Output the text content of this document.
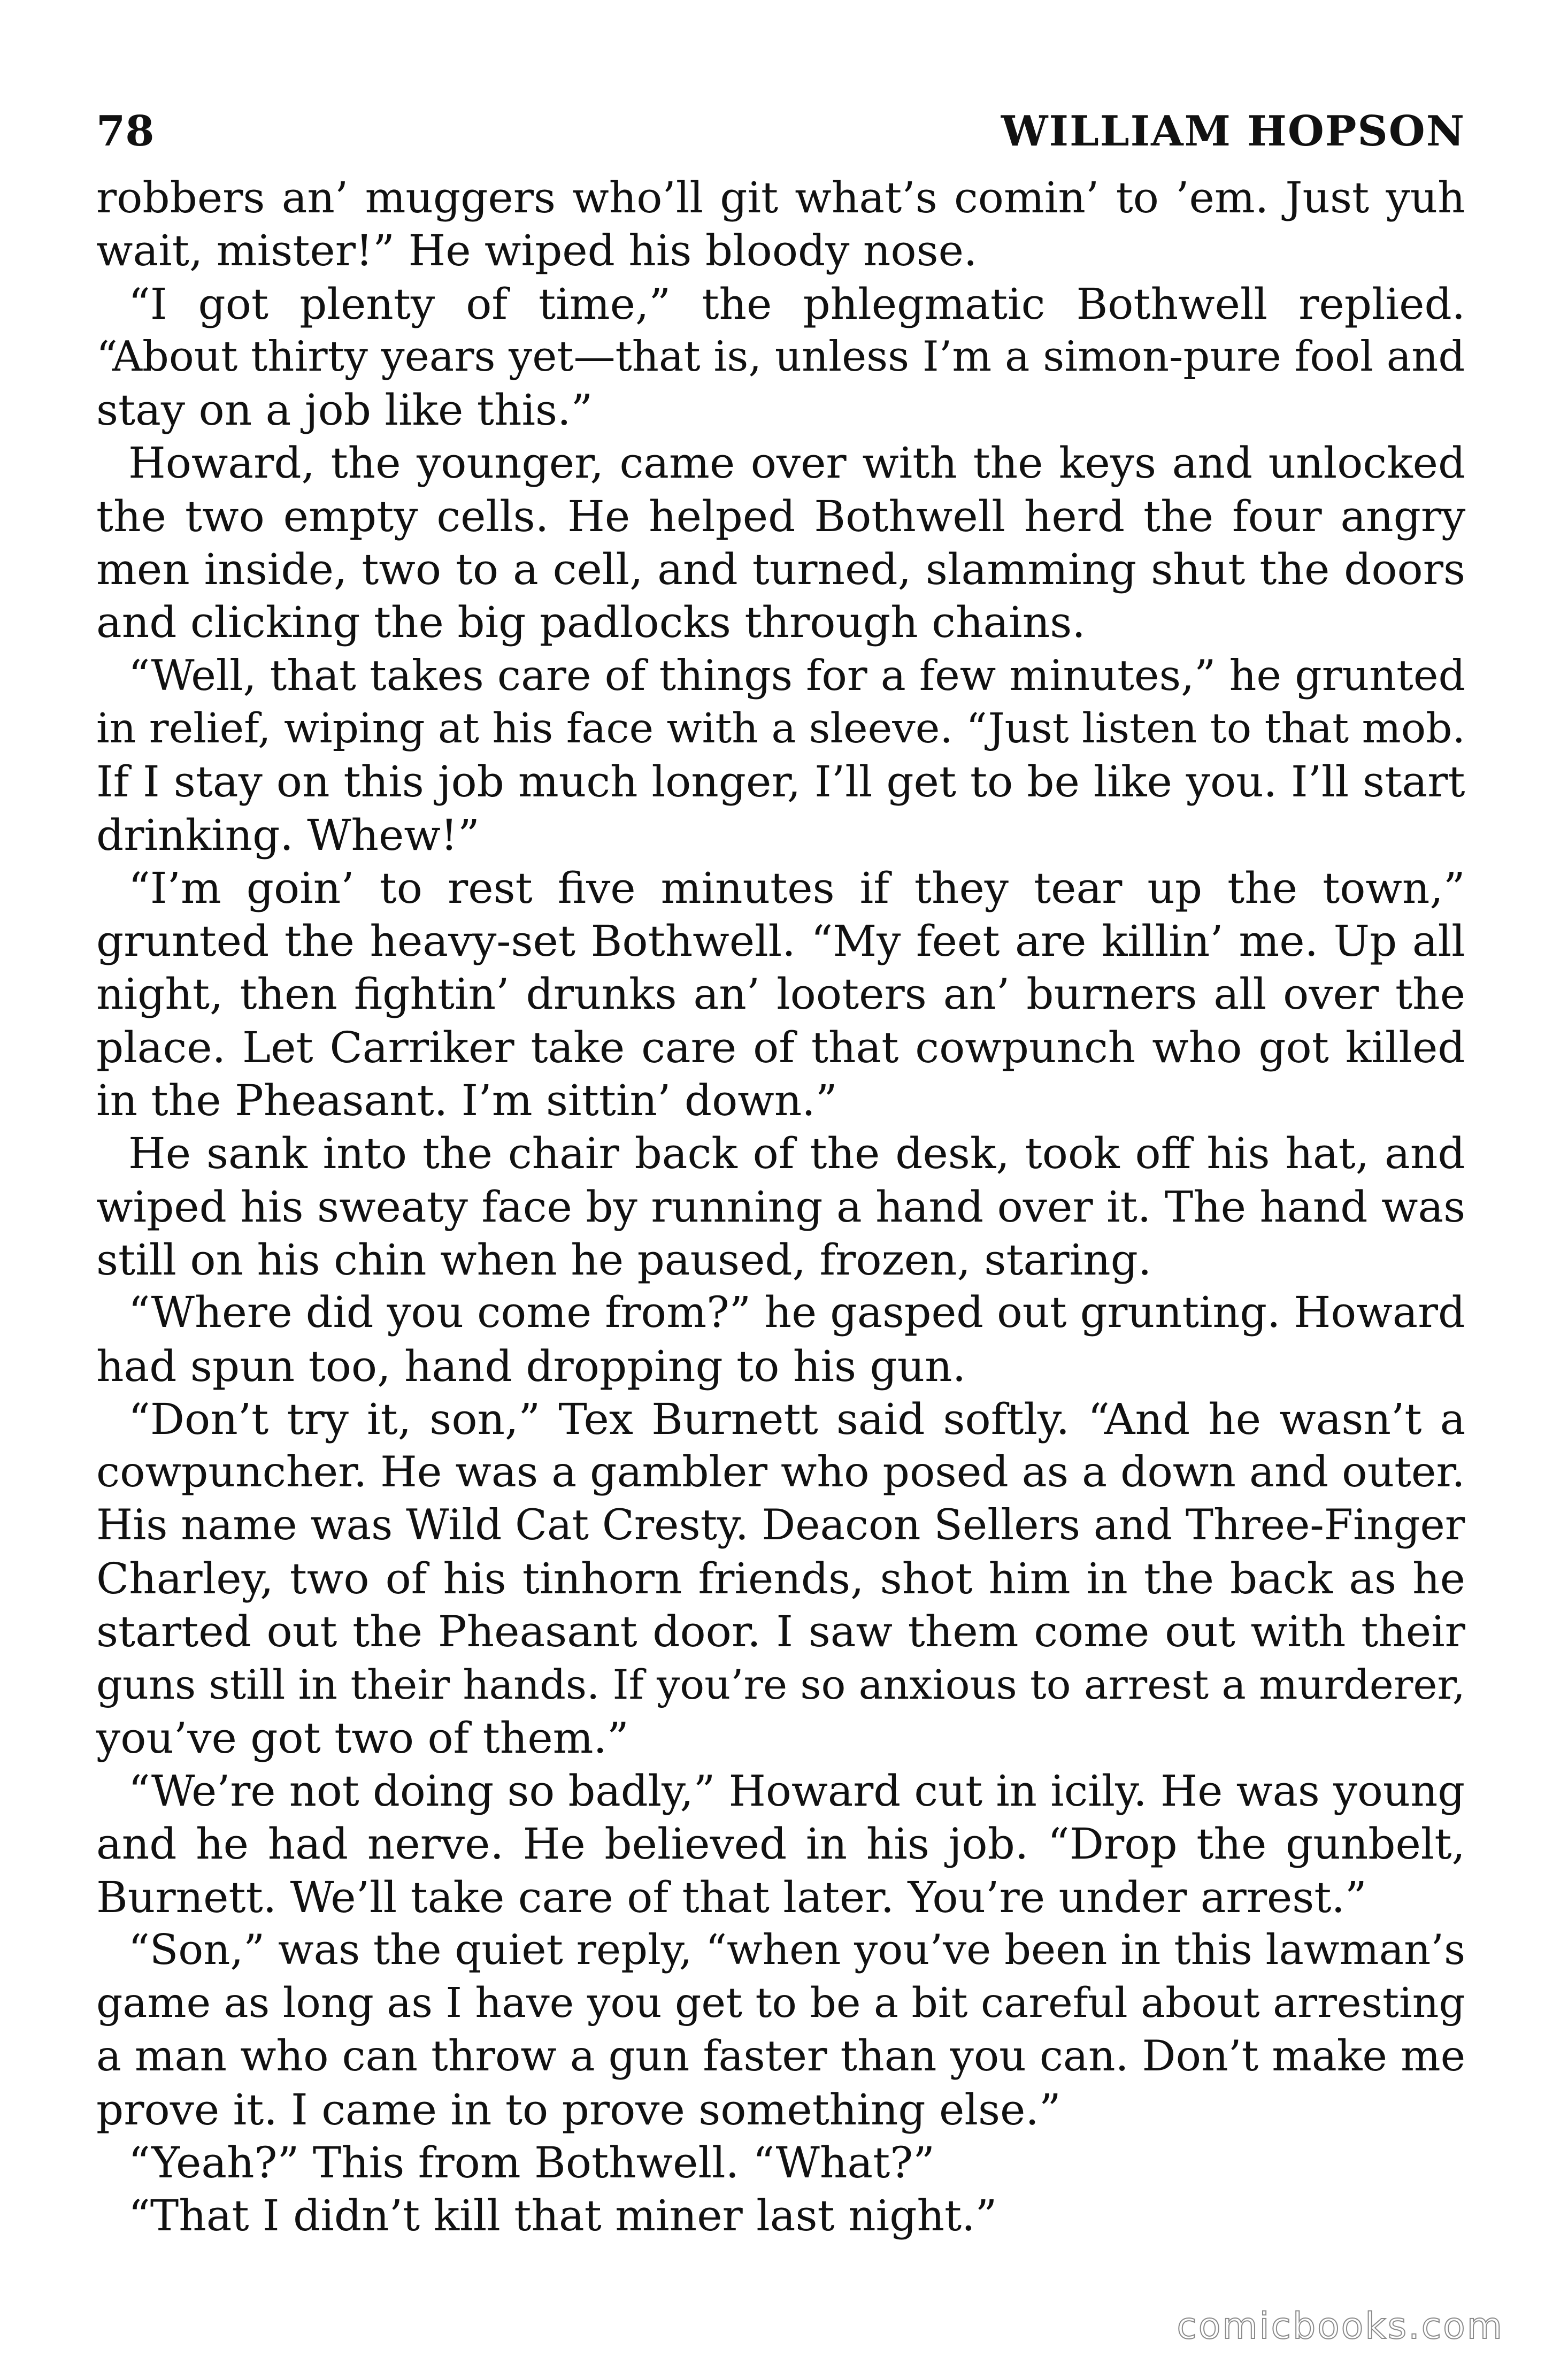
78	WILLIAM HOPSON
robbers an’ muggers who’ll git what’s comin’ to ’em. Just yuh
wait, mister!” He wiped his bloody nose.
“I got plenty of time,” the phlegmatic Bothwell replied.
“About thirty years yet—that is, unless I’m a simon-pure fool and
stay on a job like this.”
Howard, the younger, came over with the keys and unlocked
the two empty cells. He helped Bothwell herd the four angry
men inside, two to a cell, and turned, slamming shut the doors
and clicking the big padlocks through chains.
“Well, that takes care of things for a few minutes,” he grunted
in relief, wiping at his face with a sleeve. “Just listen to that mob.
If I stay on this job much longer, I’ll get to be like you. I’ll start
drinking. Whew!”
“I’m goin’ to rest five minutes if they tear up the town,”
grunted the heavy-set Bothwell. “My feet are killin’ me. Up all
night, then fightin’ drunks an’ looters an’ burners all over the
place. Let Carriker take care of that cowpunch who got killed
in the Pheasant. I’m sittin’ down.”
He sank into the chair back of the desk, took off his hat, and
wiped his sweaty face by running a hand over it. The hand was
still on his chin when he paused, frozen, staring.
“Where did you come from?” he gasped out grunting. Howard
had spun too, hand dropping to his gun.
“Don’t try it, son,” Tex Burnett said softly. “And he wasn’t a
cowpuncher. He was a gambler who posed as a down and outer.
His name was Wild Cat Cresty. Deacon Sellers and Three-Finger
Charley, two of his tinhorn friends, shot him in the back as he
started out the Pheasant door. I saw them come out with their
guns still in their hands. If you’re so anxious to arrest a murderer,
you’ve got two of them.”
“We’re not doing so badly,” Howard cut in icily. He was young
and he had nerve. He believed in his job. “Drop the gunbelt,
Burnett. We’ll take care of that later. You’re under arrest.”
“Son,” was the quiet reply, “when you’ve been in this lawman’s
game as long as I have you get to be a bit careful about arresting
a man who can throw a gun faster than you can. Don’t make me
prove it. I came in to prove something else.”
“Yeah?” This from Bothwell. “What?”
“That I didn’t kill that miner last night.”
comicbooks.com
